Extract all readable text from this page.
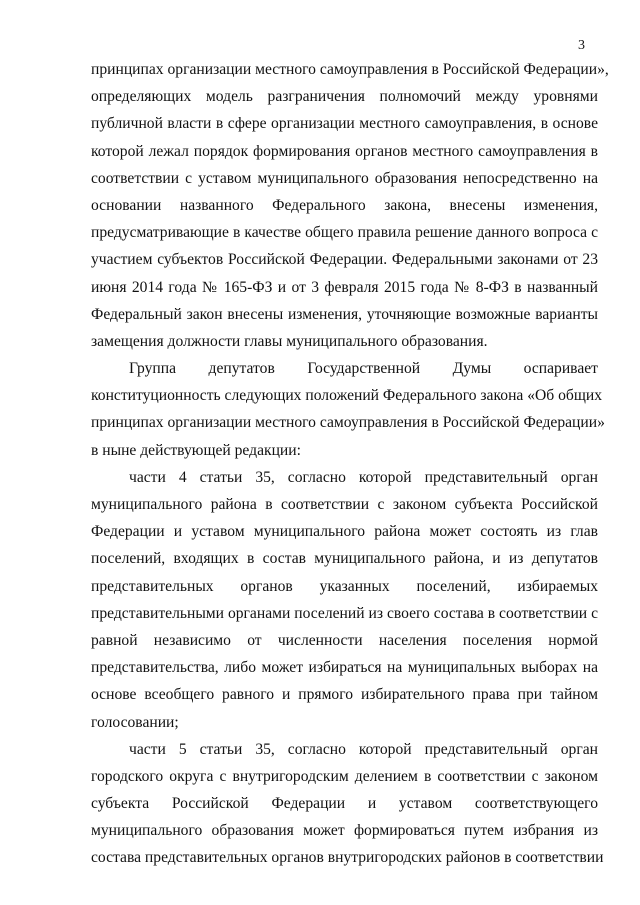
3
принципах организации местного самоуправления в Российской Федерации»,
определяющих модель разграничения полномочий между уровнями
публичной власти в сфере организации местного самоуправления, в основе
которой лежал порядок формирования органов местного самоуправления в
соответствии с уставом муниципального образования непосредственно на
основании названного Федерального закона, внесены изменения,
предусматривающие в качестве общего правила решение данного вопроса с
участием субъектов Российской Федерации. Федеральными законами от 23
июня 2014 года № 165-ФЗ и от 3 февраля 2015 года № 8-ФЗ в названный
Федеральный закон внесены изменения, уточняющие возможные варианты
замещения должности главы муниципального образования.
Группа депутатов Государственной Думы оспаривает
конституционность следующих положений Федерального закона «Об общих
принципах организации местного самоуправления в Российской Федерации»
в ныне действующей редакции:
части 4 статьи 35, согласно которой представительный орган
муниципального района в соответствии с законом субъекта Российской
Федерации и уставом муниципального района может состоять из глав
поселений, входящих в состав муниципального района, и из депутатов
представительных органов указанных поселений, избираемых
представительными органами поселений из своего состава в соответствии с
равной независимо от численности населения поселения нормой
представительства, либо может избираться на муниципальных выборах на
основе всеобщего равного и прямого избирательного права при тайном
голосовании;
части 5 статьи 35, согласно которой представительный орган
городского округа с внутригородским делением в соответствии с законом
субъекта Российской Федерации и уставом соответствующего
муниципального образования может формироваться путем избрания из
состава представительных органов внутригородских районов в соответствии
